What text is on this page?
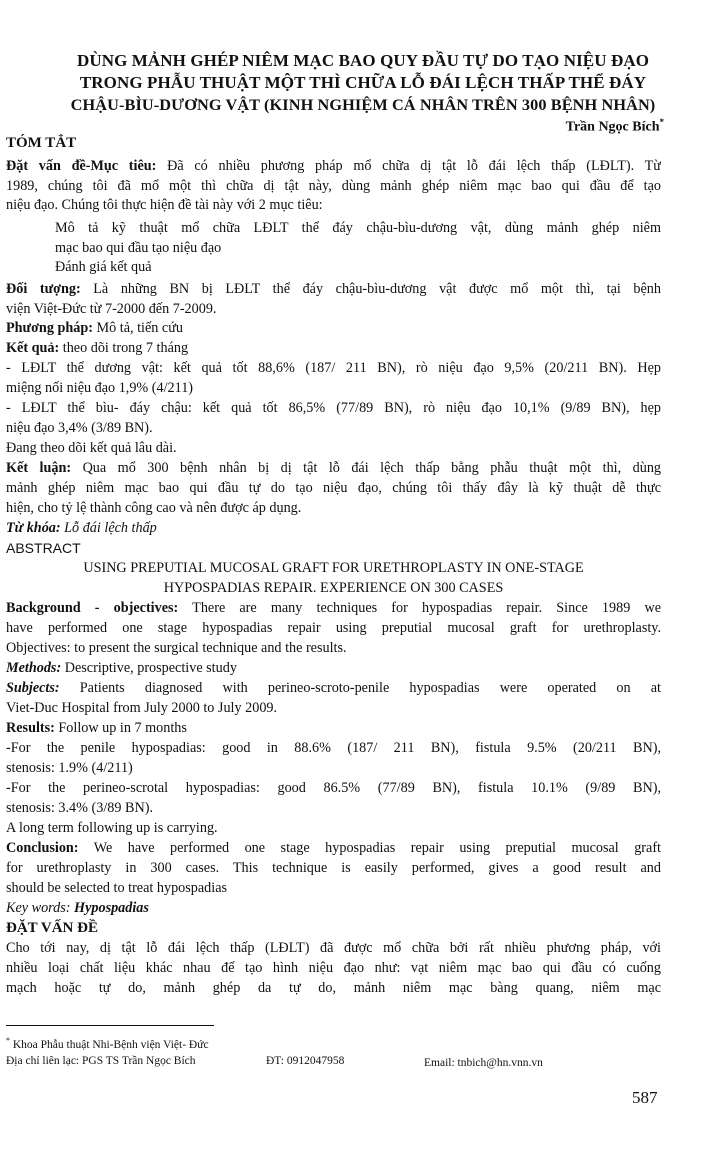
DÙNG MẢNH GHÉP NIÊM MẠC BAO QUY ĐẦU TỰ DO TẠO NIỆU ĐẠO
TRONG PHẪU THUẬT MỘT THÌ CHỮA LỖ ĐÁI LỆCH THẤP THỂ ĐÁY
CHẬU-BÌU-DƯƠNG VẬT (KINH NGHIỆM CÁ NHÂN TRÊN 300 BỆNH NHÂN)
Trần Ngọc Bích*
TÓM TẮT
Đặt vấn đề-Mục tiêu: Đã có nhiều phương pháp mổ chữa dị tật lỗ đái lệch thấp (LĐLT). Từ
1989, chúng tôi đã mổ một thì chữa dị tật này, dùng mảnh ghép niêm mạc bao qui đầu để tạo
niệu đạo. Chúng tôi thực hiện đề tài này với 2 mục tiêu:
Mô tả kỹ thuật mổ chữa LĐLT thể đáy chậu-bìu-dương vật, dùng mảnh ghép niêm
mạc bao qui đầu tạo niệu đạo
Đánh giá kết quả
Đối tượng: Là những BN bị LĐLT thể đáy chậu-bìu-dương vật được mổ một thì, tại bệnh
viện Việt-Đức từ 7-2000 đến 7-2009.
Phương pháp: Mô tả, tiến cứu
Kết quả: theo dõi trong 7 tháng
- LĐLT thể dương vật: kết quả tốt 88,6% (187/ 211 BN), rò niệu đạo 9,5% (20/211 BN). Hẹp
miệng nối niệu đạo 1,9% (4/211)
- LĐLT thể bìu- đáy chậu: kết quả tốt 86,5% (77/89 BN), rò niệu đạo 10,1% (9/89 BN), hẹp
niệu đạo 3,4% (3/89 BN).
Đang theo dõi kết quả lâu dài.
Kết luận: Qua mổ 300 bệnh nhân bị dị tật lỗ đái lệch thấp bằng phẫu thuật một thì, dùng
mảnh ghép niêm mạc bao qui đầu tự do tạo niệu đạo, chúng tôi thấy đây là kỹ thuật dễ thực
hiện, cho tỷ lệ thành công cao và nên được áp dụng.
Từ khóa: Lỗ đái lệch thấp
ABSTRACT
USING PREPUTIAL MUCOSAL GRAFT FOR URETHROPLASTY IN ONE-STAGE
HYPOSPADIAS REPAIR. EXPERIENCE ON 300 CASES
Background - objectives: There are many techniques for hypospadias repair. Since 1989 we
have performed one stage hypospadias repair using preputial mucosal graft for urethroplasty.
Objectives: to present the surgical technique and the results.
Methods: Descriptive, prospective study
Subjects: Patients diagnosed with perineo-scroto-penile hypospadias were operated on at
Viet-Duc Hospital from July 2000 to July 2009.
Results: Follow up in 7 months
-For the penile hypospadias: good in 88.6% (187/ 211 BN), fistula 9.5% (20/211 BN),
stenosis: 1.9% (4/211)
-For the perineo-scrotal hypospadias: good 86.5% (77/89 BN), fistula 10.1% (9/89 BN),
stenosis: 3.4% (3/89 BN).
A long term following up is carrying.
Conclusion: We have performed one stage hypospadias repair using preputial mucosal graft
for urethroplasty in 300 cases. This technique is easily performed, gives a good result and
should be selected to treat hypospadias
Key words: Hypospadias
ĐẶT VẤN ĐỀ
Cho tới nay, dị tật lỗ đái lệch thấp (LĐLT) đã được mổ chữa bởi rất nhiều phương pháp, với
nhiều loại chất liệu khác nhau để tạo hình niệu đạo như: vạt niêm mạc bao qui đầu có cuống
mạch hoặc tự do, mảnh ghép da tự do, mảnh niêm mạc bàng quang, niêm mạc
* Khoa Phẫu thuật Nhi-Bệnh viện Việt- Đức
Địa chỉ liên lạc: PGS TS Trần Ngọc Bích	ĐT: 0912047958	Email: tnbich@hn.vnn.vn
587
